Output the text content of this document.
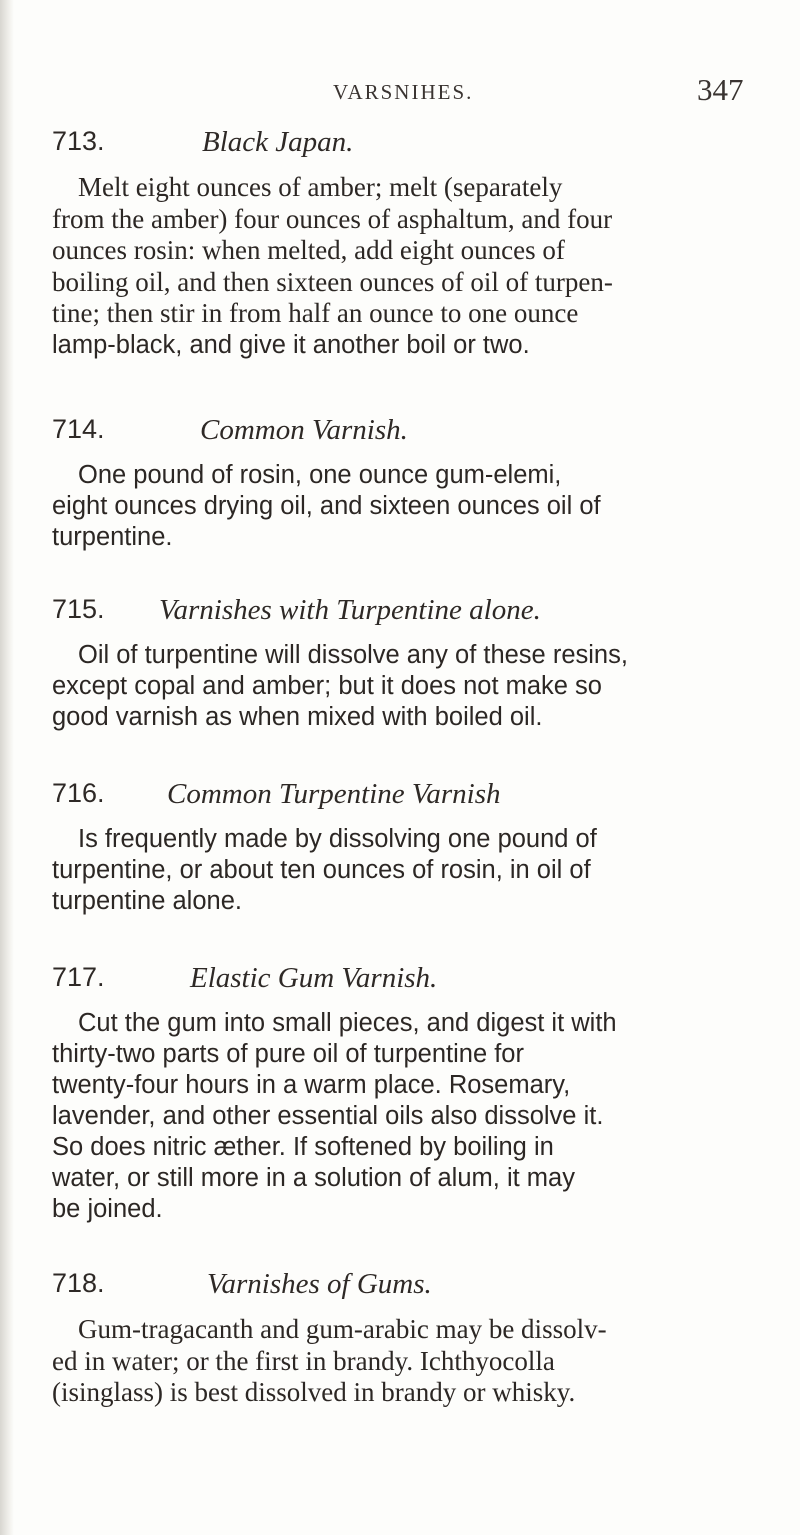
VARSNIHES.	347
713.	Black Japan.
Melt eight ounces of amber; melt (separately
from the amber) four ounces of asphaltum, and four
ounces rosin: when melted, add eight ounces of
boiling oil, and then sixteen ounces of oil of turpen-
tine; then stir in from half an ounce to one ounce
lamp-black, and give it another boil or two.
714.	Common Varnish.
One pound of rosin, one ounce gum-elemi,
eight ounces drying oil, and sixteen ounces oil of
turpentine.
715. Varnishes with Turpentine alone.
Oil of turpentine will dissolve any of these resins,
except copal and amber; but it does not make so
good varnish as when mixed with boiled oil.
716. Common Turpentine Varnish
Is frequently made by dissolving one pound of
turpentine, or about ten ounces of rosin, in oil of
turpentine alone.
717.	Elastic Gum Varnish.
Cut the gum into small pieces, and digest it with
thirty-two parts of pure oil of turpentine for
twenty-four hours in a warm place. Rosemary,
lavender, and other essential oils also dissolve it.
So does nitric æther. If softened by boiling in
water, or still more in a solution of alum, it may
be joined.
718.	Varnishes of Gums.
Gum-tragacanth and gum-arabic may be dissolv-
ed in water; or the first in brandy. Ichthyocolla
(isinglass) is best dissolved in brandy or whisky.
